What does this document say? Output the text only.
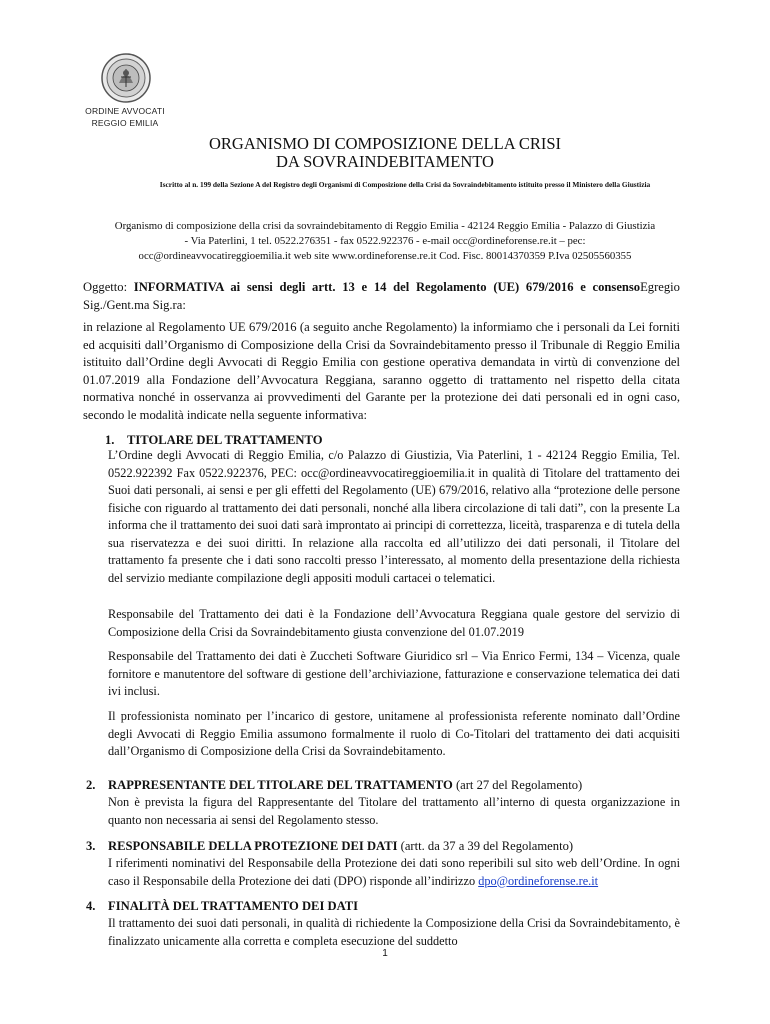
ORDINE AVVOCATI
REGGIO EMILIA
ORGANISMO DI COMPOSIZIONE DELLA CRISI
DA SOVRAINDEBITAMENTO
Iscritto al n. 199 della Sezione A del Registro degli Organismi di Composizione della Crisi da Sovraindebitamento istituito presso il Ministero della Giustizia
Organismo di composizione della crisi da sovraindebitamento di Reggio Emilia - 42124 Reggio Emilia - Palazzo di Giustizia
- Via Paterlini, 1 tel. 0522.276351 - fax 0522.922376 - e-mail occ@ordineforense.re.it – pec:
occ@ordineavvocatireggioemilia.it web site www.ordineforense.re.it Cod. Fisc. 80014370359 P.Iva 02505560355
Oggetto: INFORMATIVA ai sensi degli artt. 13 e 14 del Regolamento (UE) 679/2016 e consensoEgregio Sig./Gent.ma Sig.ra:
in relazione al Regolamento UE 679/2016 (a seguito anche Regolamento) la informiamo che i personali da Lei forniti ed acquisiti dall’Organismo di Composizione della Crisi da Sovraindebitamento presso il Tribunale di Reggio Emilia istituito dall’Ordine degli Avvocati di Reggio Emilia con gestione operativa demandata in virtù di convenzione del 01.07.2019 alla Fondazione dell’Avvocatura Reggiana, saranno oggetto di trattamento nel rispetto della citata normativa nonché in osservanza ai provvedimenti del Garante per la protezione dei dati personali ed in ogni caso, secondo le modalità indicate nella seguente informativa:
1. TITOLARE DEL TRATTAMENTO
L’Ordine degli Avvocati di Reggio Emilia, c/o Palazzo di Giustizia, Via Paterlini, 1 - 42124 Reggio Emilia, Tel. 0522.922392 Fax 0522.922376, PEC: occ@ordineavvocatireggioemilia.it in qualità di Titolare del trattamento dei Suoi dati personali, ai sensi e per gli effetti del Regolamento (UE) 679/2016, relativo alla “protezione delle persone fisiche con riguardo al trattamento dei dati personali, nonché alla libera circolazione di tali dati”, con la presente La informa che il trattamento dei suoi dati sarà improntato ai principi di correttezza, liceità, trasparenza e di tutela della sua riservatezza e dei suoi diritti. In relazione alla raccolta ed all’utilizzo dei dati personali, il Titolare del trattamento fa presente che i dati sono raccolti presso l’interessato, al momento della presentazione della richiesta del servizio mediante compilazione degli appositi moduli cartacei o telematici.
Responsabile del Trattamento dei dati è la Fondazione dell’Avvocatura Reggiana quale gestore del servizio di Composizione della Crisi da Sovraindebitamento giusta convenzione del 01.07.2019
Responsabile del Trattamento dei dati è Zuccheti Software Giuridico srl – Via Enrico Fermi, 134 – Vicenza, quale fornitore e manutentore del software di gestione dell’archiviazione, fatturazione e conservazione telematica dei dati ivi inclusi.
Il professionista nominato per l’incarico di gestore, unitamene al professionista referente nominato dall’Ordine degli Avvocati di Reggio Emilia assumono formalmente il ruolo di Co-Titolari del trattamento dei dati acquisiti dall’Organismo di Composizione della Crisi da Sovraindebitamento.
2. RAPPRESENTANTE DEL TITOLARE DEL TRATTAMENTO (art 27 del Regolamento)
Non è prevista la figura del Rappresentante del Titolare del trattamento all’interno di questa organizzazione in quanto non necessaria ai sensi del Regolamento stesso.
3. RESPONSABILE DELLA PROTEZIONE DEI DATI (artt. da 37 a 39 del Regolamento)
I riferimenti nominativi del Responsabile della Protezione dei dati sono reperibili sul sito web dell’Ordine. In ogni caso il Responsabile della Protezione dei dati (DPO) risponde all’indirizzo dpo@ordineforense.re.it
4. FINALITÀ DEL TRATTAMENTO DEI DATI
Il trattamento dei suoi dati personali, in qualità di richiedente la Composizione della Crisi da Sovraindebitamento, è finalizzato unicamente alla corretta e completa esecuzione del suddetto
1
